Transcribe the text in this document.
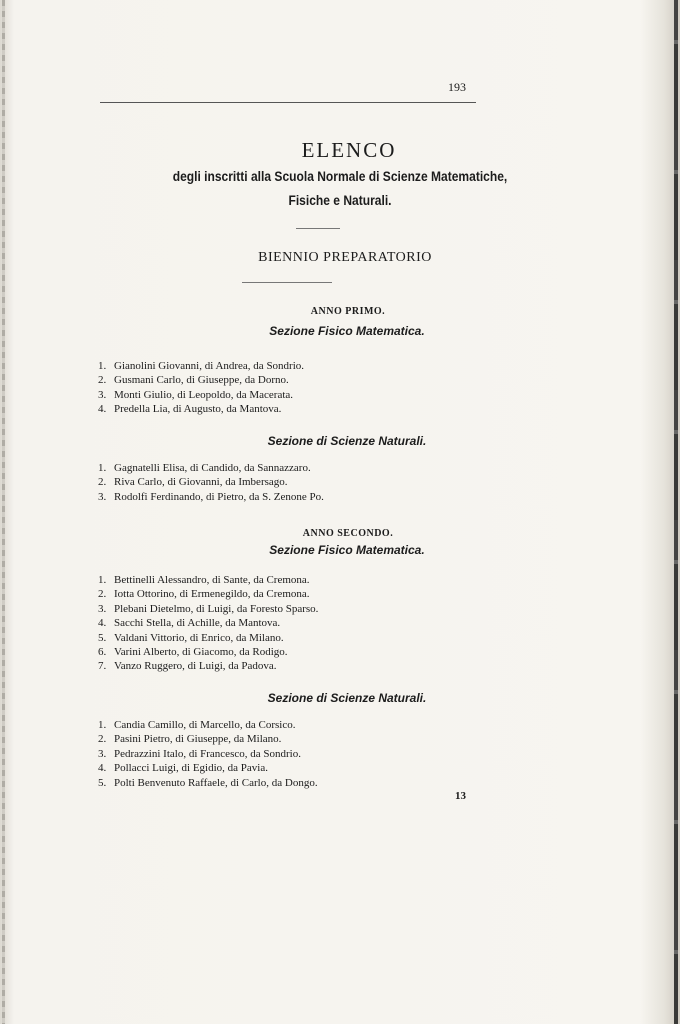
193
ELENCO
degli inscritti alla Scuola Normale di Scienze Matematiche,
Fisiche e Naturali.
BIENNIO PREPARATORIO
ANNO PRIMO.
Sezione Fisico Matematica.
1. Gianolini Giovanni, di Andrea, da Sondrio.
2. Gusmani Carlo, di Giuseppe, da Dorno.
3. Monti Giulio, di Leopoldo, da Macerata.
4. Predella Lia, di Augusto, da Mantova.
Sezione di Scienze Naturali.
1. Gagnatelli Elisa, di Candido, da Sannazzaro.
2. Riva Carlo, di Giovanni, da Imbersago.
3. Rodolfi Ferdinando, di Pietro, da S. Zenone Po.
ANNO SECONDO.
Sezione Fisico Matematica.
1. Bettinelli Alessandro, di Sante, da Cremona.
2. Iotta Ottorino, di Ermenegildo, da Cremona.
3. Plebani Dietelmo, di Luigi, da Foresto Sparso.
4. Sacchi Stella, di Achille, da Mantova.
5. Valdani Vittorio, di Enrico, da Milano.
6. Varini Alberto, di Giacomo, da Rodigo.
7. Vanzo Ruggero, di Luigi, da Padova.
Sezione di Scienze Naturali.
1. Candia Camillo, di Marcello, da Corsico.
2. Pasini Pietro, di Giuseppe, da Milano.
3. Pedrazzini Italo, di Francesco, da Sondrio.
4. Pollacci Luigi, di Egidio, da Pavia.
5. Polti Benvenuto Raffaele, di Carlo, da Dongo.
13
